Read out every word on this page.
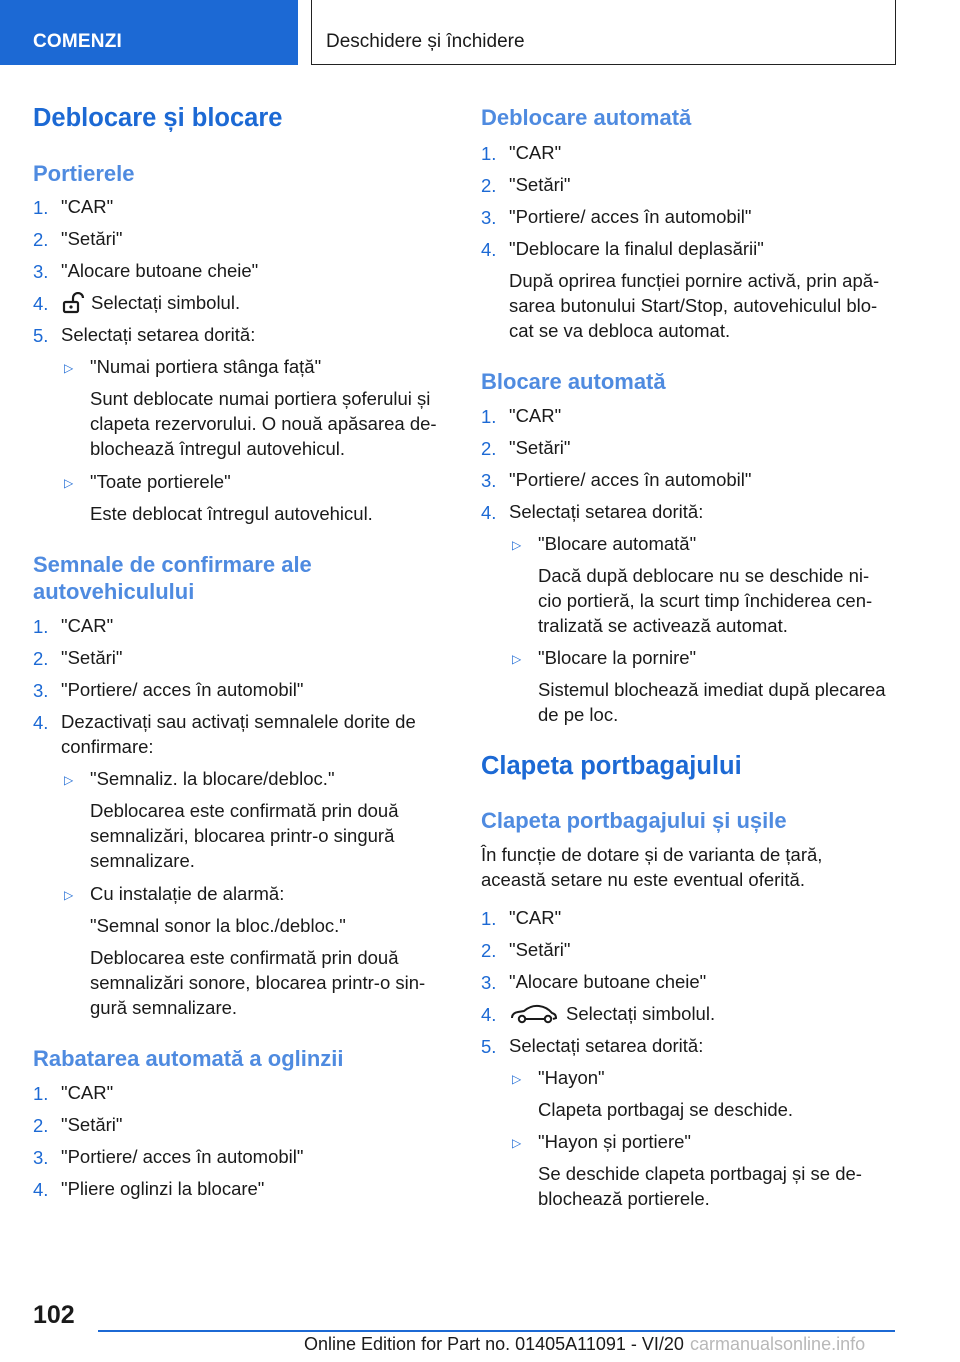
COMENZI	Deschidere și închidere
Deblocare și blocare
Portierele
1. "CAR"
2. "Setări"
3. "Alocare butoane cheie"
4. Selectați simbolul.
5. Selectați setarea dorită:
▷ "Numai portiera stânga față"
Sunt deblocate numai portiera șoferului și
clapeta rezervorului. O nouă apăsarea de-
blochează întregul autovehicul.
▷ "Toate portierele"
Este deblocat întregul autovehicul.
Semnale de confirmare ale
autovehiculului
1. "CAR"
2. "Setări"
3. "Portiere/ acces în automobil"
4. Dezactivați sau activați semnalele dorite de
confirmare:
▷ "Semnaliz. la blocare/debloc."
Deblocarea este confirmată prin două
semnalizări, blocarea printr-o singură
semnalizare.
▷ Cu instalație de alarmă:
"Semnal sonor la bloc./debloc."
Deblocarea este confirmată prin două
semnalizări sonore, blocarea printr-o sin-
gură semnalizare.
Rabatarea automată a oglinzii
1. "CAR"
2. "Setări"
3. "Portiere/ acces în automobil"
4. "Pliere oglinzi la blocare"
Deblocare automată
1. "CAR"
2. "Setări"
3. "Portiere/ acces în automobil"
4. "Deblocare la finalul deplasării"
După oprirea funcției pornire activă, prin apă-
sarea butonului Start/Stop, autovehiculul blo-
cat se va debloca automat.
Blocare automată
1. "CAR"
2. "Setări"
3. "Portiere/ acces în automobil"
4. Selectați setarea dorită:
▷ "Blocare automată"
Dacă după deblocare nu se deschide ni-
cio portieră, la scurt timp închiderea cen-
tralizată se activează automat.
▷ "Blocare la pornire"
Sistemul blochează imediat după plecarea
de pe loc.
Clapeta portbagajului
Clapeta portbagajului și ușile
În funcție de dotare și de varianta de țară,
această setare nu este eventual oferită.
1. "CAR"
2. "Setări"
3. "Alocare butoane cheie"
4.	Selectați simbolul.
5. Selectați setarea dorită:
▷ "Hayon"
Clapeta portbagaj se deschide.
▷ "Hayon și portiere"
Se deschide clapeta portbagaj și se de-
blochează portierele.
102
Online Edition for Part no. 01405A11091 - VI/20 carmanualsonline.info
